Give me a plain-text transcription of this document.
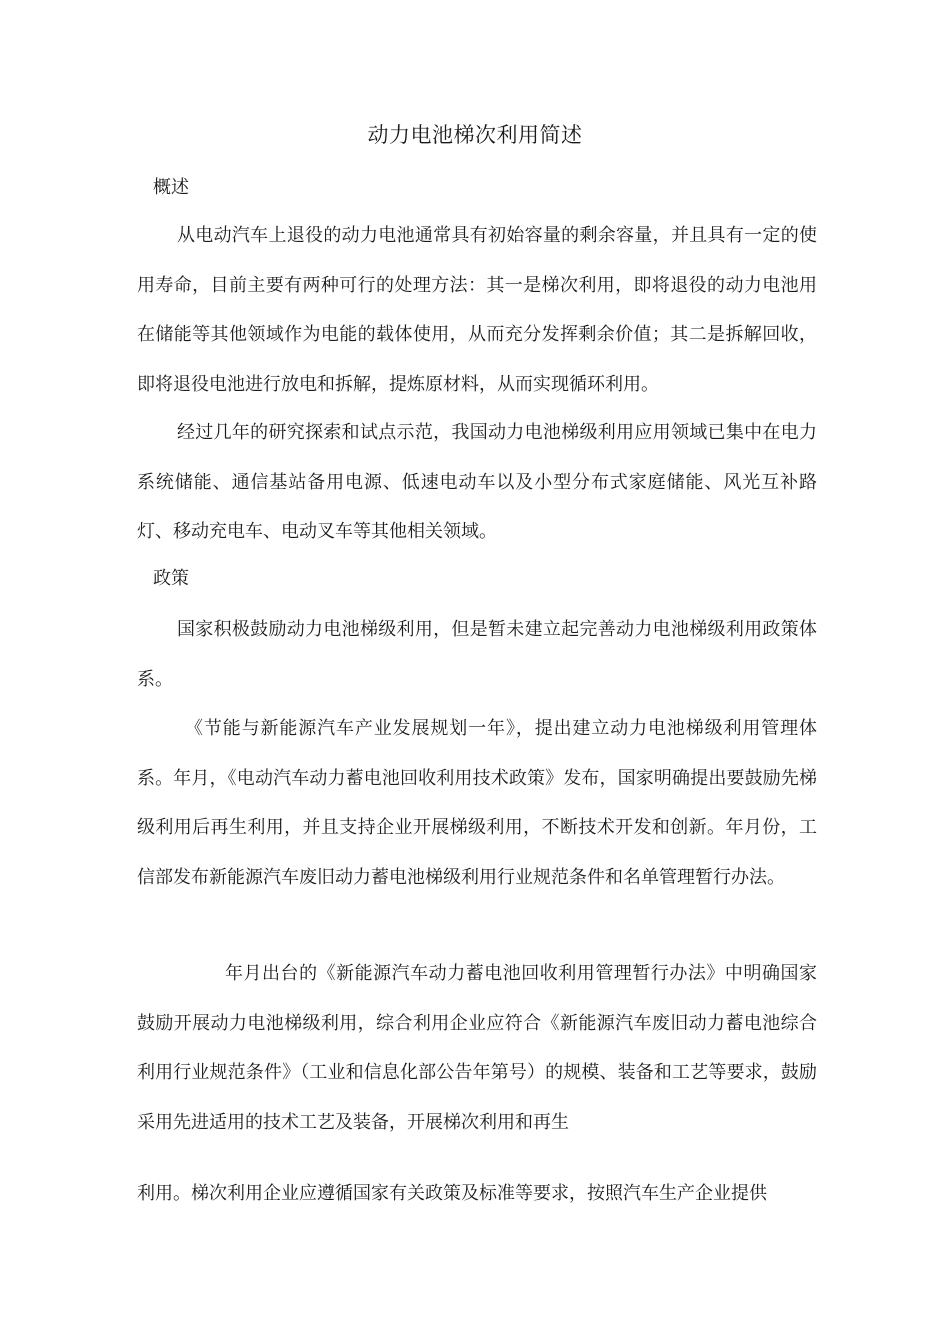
动力电池梯次利用简述
概述
从电动汽车上退役的动力电池通常具有初始容量的剩余容量，并且具有一定的使用寿命，目前主要有两种可行的处理方法：其一是梯次利用，即将退役的动力电池用在储能等其他领域作为电能的载体使用，从而充分发挥剩余价值；其二是拆解回收，即将退役电池进行放电和拆解，提炼原材料，从而实现循环利用。
经过几年的研究探索和试点示范，我国动力电池梯级利用应用领域已集中在电力系统储能、通信基站备用电源、低速电动车以及小型分布式家庭储能、风光互补路灯、移动充电车、电动叉车等其他相关领域。
政策
国家积极鼓励动力电池梯级利用，但是暂未建立起完善动力电池梯级利用政策体系。
《节能与新能源汽车产业发展规划一年》，提出建立动力电池梯级利用管理体系。年月，《电动汽车动力蓄电池回收利用技术政策》发布，国家明确提出要鼓励先梯级利用后再生利用，并且支持企业开展梯级利用，不断技术开发和创新。年月份，工信部发布新能源汽车废旧动力蓄电池梯级利用行业规范条件和名单管理暂行办法。
年月出台的《新能源汽车动力蓄电池回收利用管理暂行办法》中明确国家鼓励开展动力电池梯级利用，综合利用企业应符合《新能源汽车废旧动力蓄电池综合利用行业规范条件》（工业和信息化部公告年第号）的规模、装备和工艺等要求，鼓励采用先进适用的技术工艺及装备，开展梯次利用和再生
利用。梯次利用企业应遵循国家有关政策及标准等要求，按照汽车生产企业提供
